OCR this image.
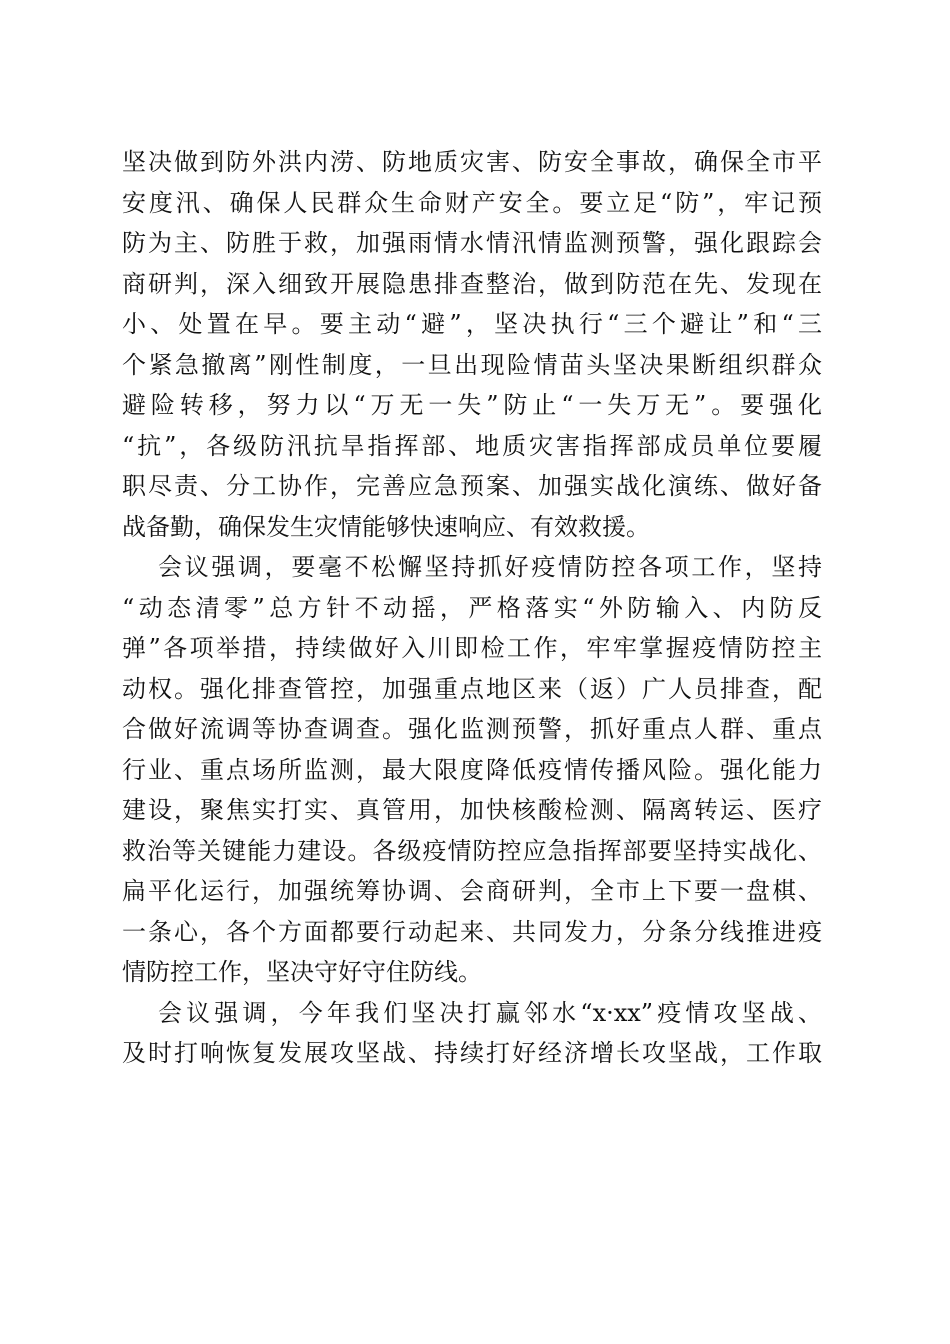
坚决做到防外洪内涝、防地质灾害、防安全事故，确保全市平
安度汛、确保人民群众生命财产安全。要立足“防”，牢记预
防为主、防胜于救，加强雨情水情汛情监测预警，强化跟踪会
商研判，深入细致开展隐患排查整治，做到防范在先、发现在
小、处置在早。要主动“避”，坚决执行“三个避让”和“三
个紧急撤离”刚性制度，一旦出现险情苗头坚决果断组织群众
避险转移，努力以“万无一失”防止“一失万无”。要强化
“抗”，各级防汛抗旱指挥部、地质灾害指挥部成员单位要履
职尽责、分工协作，完善应急预案、加强实战化演练、做好备
战备勤，确保发生灾情能够快速响应、有效救援。
会议强调，要毫不松懈坚持抓好疫情防控各项工作，坚持
“动态清零”总方针不动摇，严格落实“外防输入、内防反
弹”各项举措，持续做好入川即检工作，牢牢掌握疫情防控主
动权。强化排查管控，加强重点地区来（返）广人员排查，配
合做好流调等协查调查。强化监测预警，抓好重点人群、重点
行业、重点场所监测，最大限度降低疫情传播风险。强化能力
建设，聚焦实打实、真管用，加快核酸检测、隔离转运、医疗
救治等关键能力建设。各级疫情防控应急指挥部要坚持实战化、
扁平化运行，加强统筹协调、会商研判，全市上下要一盘棋、
一条心，各个方面都要行动起来、共同发力，分条分线推进疫
情防控工作，坚决守好守住防线。
会议强调，今年我们坚决打赢邻水“x·xx”疫情攻坚战、
及时打响恢复发展攻坚战、持续打好经济增长攻坚战，工作取
